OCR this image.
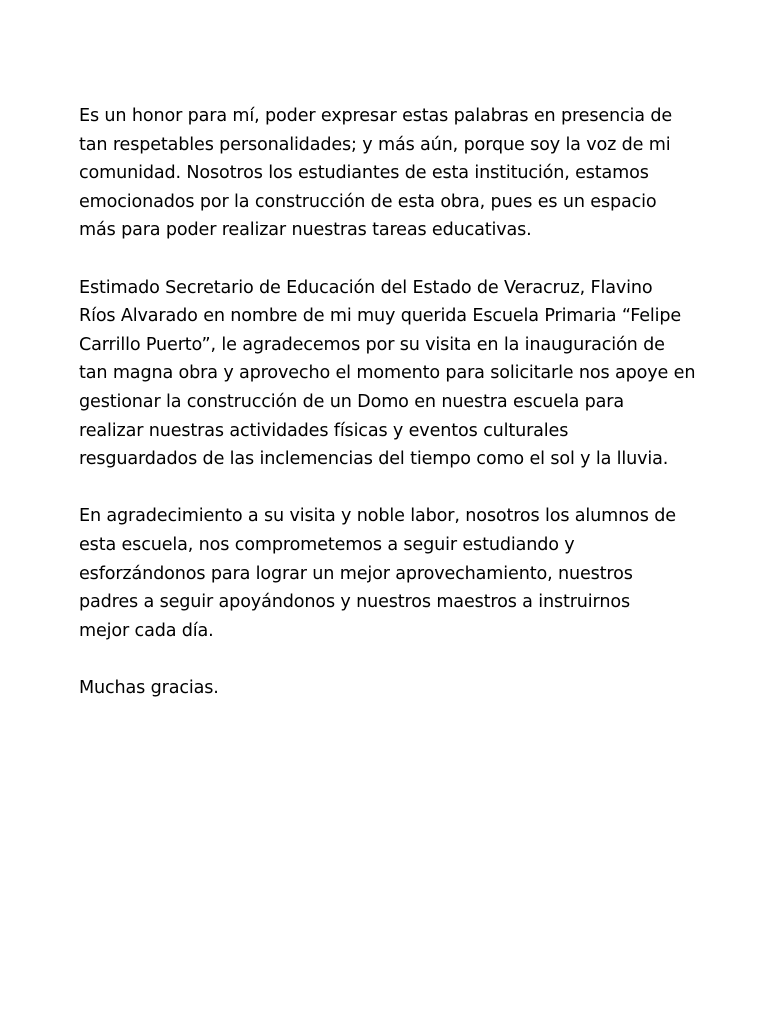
Es un honor para mí, poder expresar estas palabras en presencia de
tan respetables personalidades; y más aún, porque soy la voz de mi
comunidad. Nosotros los estudiantes de esta institución, estamos
emocionados por la construcción de esta obra, pues es un espacio
más para poder realizar nuestras tareas educativas.
Estimado Secretario de Educación del Estado de Veracruz, Flavino
Ríos Alvarado en nombre de mi muy querida Escuela Primaria “Felipe
Carrillo Puerto”, le agradecemos por su visita en la inauguración de
tan magna obra y aprovecho el momento para solicitarle nos apoye en
gestionar la construcción de un Domo en nuestra escuela para
realizar nuestras actividades físicas y eventos culturales
resguardados de las inclemencias del tiempo como el sol y la lluvia.
En agradecimiento a su visita y noble labor, nosotros los alumnos de
esta escuela, nos comprometemos a seguir estudiando y
esforzándonos para lograr un mejor aprovechamiento, nuestros
padres a seguir apoyándonos y nuestros maestros a instruirnos
mejor cada día.
Muchas gracias.
